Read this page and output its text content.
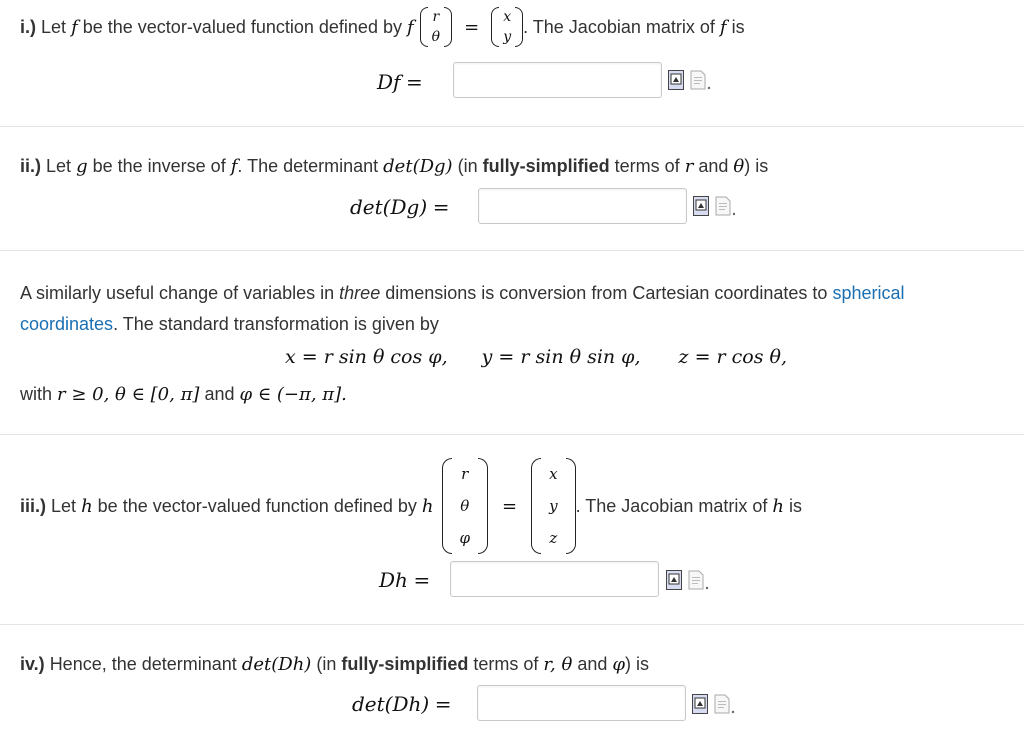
i.)
Let
f
be the vector-valued function defined by
f r
θ = x
y
. The Jacobian matrix of
f
is
Df
=
ii.)
Let
g
be the inverse of
f . The determinant
det(Dg)
(in
fully-simplified
terms of
r
and
θ ) is
det(Dg)
=
A similarly useful change of variables in
three
dimensions is conversion from Cartesian coordinates to
spherical
coordinates . The standard transformation is given by
x = r sin θ cos φ, y = r sin θ sin φ, z = r cos θ,
with
r ≥ 0, θ ∈ [0, π]
and
φ ∈ (−π, π].
iii.)
Let
h
be the vector-valued function defined by
h
r
θ
φ
=
x
y
z
. The Jacobian matrix of
h
is
Dh
=
iv.)
Hence, the determinant
det(Dh)
(in
fully-simplified
terms of
r, θ
and
φ ) is
det(Dh)
=
